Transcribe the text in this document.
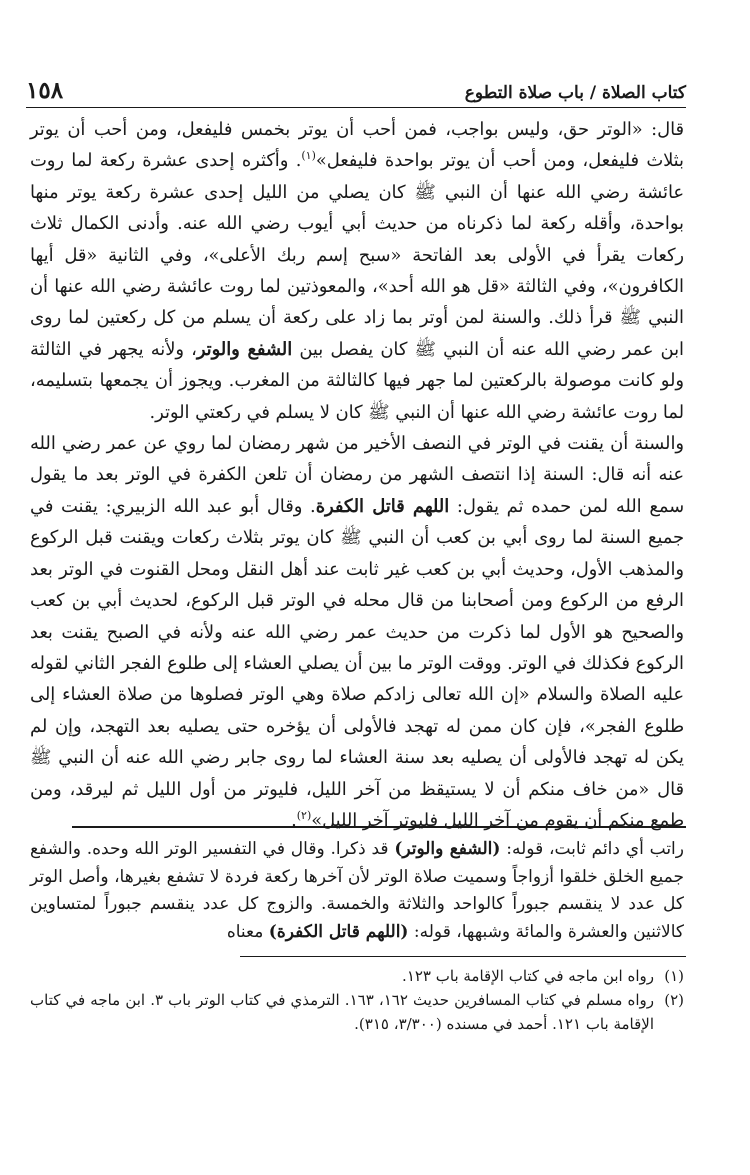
كتاب الصلاة / باب صلاة التطوع
١٥٨

قال: «الوتر حق، وليس بواجب، فمن أحب أن يوتر بخمس فليفعل، ومن أحب أن يوتر بثلاث فليفعل، ومن أحب أن يوتر بواحدة فليفعل»$^{(١)}$. وأكثره إحدى عشرة ركعة لما روت عائشة رضي الله عنها أن النبي ﷺ كان يصلي من الليل إحدى عشرة ركعة يوتر منها بواحدة، وأقله ركعة لما ذكرناه من حديث أبي أيوب رضي الله عنه. وأدنى الكمال ثلاث ركعات يقرأ في الأولى بعد الفاتحة «سبح إسم ربك الأعلى»، وفي الثانية «قل أيها الكافرون»، وفي الثالثة «قل هو الله أحد»، والمعوذتين لما روت عائشة رضي الله عنها أن النبي ﷺ قرأ ذلك. والسنة لمن أوتر بما زاد على ركعة أن يسلم من كل ركعتين لما روى ابن عمر رضي الله عنه أن النبي ﷺ كان يفصل بين الشفع والوتر، ولأنه يجهر في الثالثة ولو كانت موصولة بالركعتين لما جهر فيها كالثالثة من المغرب. ويجوز أن يجمعها بتسليمه، لما روت عائشة رضي الله عنها أن النبي ﷺ كان لا يسلم في ركعتي الوتر.

والسنة أن يقنت في الوتر في النصف الأخير من شهر رمضان لما روي عن عمر رضي الله عنه أنه قال: السنة إذا انتصف الشهر من رمضان أن تلعن الكفرة في الوتر بعد ما يقول سمع الله لمن حمده ثم يقول: اللهم قاتل الكفرة. وقال أبو عبد الله الزبيري: يقنت في جميع السنة لما روى أبي بن كعب أن النبي ﷺ كان يوتر بثلاث ركعات ويقنت قبل الركوع والمذهب الأول، وحديث أبي بن كعب غير ثابت عند أهل النقل ومحل القنوت في الوتر بعد الرفع من الركوع ومن أصحابنا من قال محله في الوتر قبل الركوع، لحديث أبي بن كعب والصحيح هو الأول لما ذكرت من حديث عمر رضي الله عنه ولأنه في الصبح يقنت بعد الركوع فكذلك في الوتر. ووقت الوتر ما بين أن يصلي العشاء إلى طلوع الفجر الثاني لقوله عليه الصلاة والسلام «إن الله تعالى زادكم صلاة وهي الوتر فصلوها من صلاة العشاء إلى طلوع الفجر»، فإن كان ممن له تهجد فالأولى أن يؤخره حتى يصليه بعد التهجد، وإن لم يكن له تهجد فالأولى أن يصليه بعد سنة العشاء لما روى جابر رضي الله عنه أن النبي ﷺ قال «من خاف منكم أن لا يستيقظ من آخر الليل، فليوتر من أول الليل ثم ليرقد، ومن طمع منكم أن يقوم من آخر الليل فليوتر آخر الليل»$^{(٢)}$.

راتب أي دائم ثابت، قوله: (الشفع والوتر) قد ذكرا. وقال في التفسير الوتر الله وحده. والشفع جميع الخلق خلقوا أزواجاً وسميت صلاة الوتر لأن آخرها ركعة فردة لا تشفع بغيرها، وأصل الوتر كل عدد لا ينقسم جبوراً كالواحد والثلاثة والخمسة. والزوج كل عدد ينقسم جبوراً لمتساوين كالاثنين والعشرة والمائة وشبهها، قوله: (اللهم قاتل الكفرة) معناه

(١)
رواه ابن ماجه في كتاب الإقامة باب ١٢٣.
(٢)
رواه مسلم في كتاب المسافرين حديث ١٦٢، ١٦٣. الترمذي في كتاب الوتر باب ٣. ابن ماجه في كتاب الإقامة باب ١٢١. أحمد في مسنده (٣/٣٠٠، ٣١٥).
